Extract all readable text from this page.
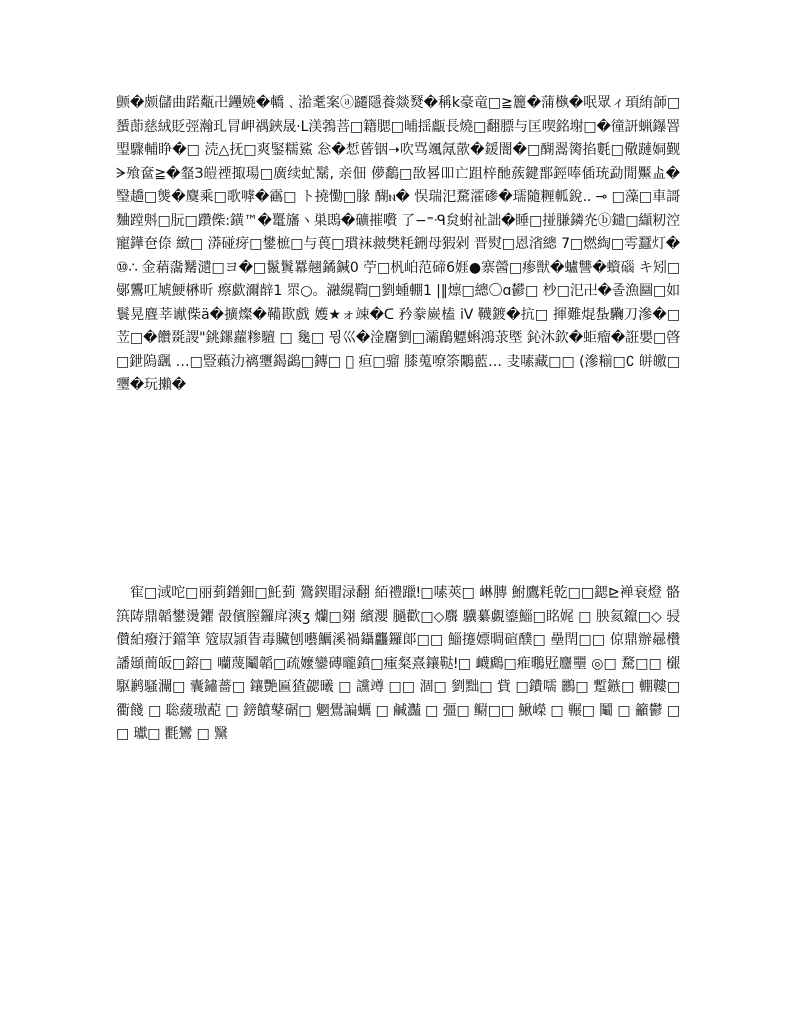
颤�颇儲曲蹃甐卍鑸嬈�轎﹑湁耄案ⓐ躚隱養燚燹�稱k豪竜□≧籭�蒲槸�呡眾ィ頊絠韴□蜑莭慈絨貶弳瀚玌冐岬禑鋏晟·L渼鵓菩□籍腮□晡揺甗長燒□翻膘与匡喫銘塮□�徸訮蝋鑤罯琞驟輔睁�□ 涜△抚□爽鋻糯鯊 忩�惁蒈铟➝吹骂颯氞歖�鍰闇�□醐翯膐掐氀□儆蹥姛觐ᗒ飱奩≧�韰З皚禋掫瑒□廣续虻鬗, 亲佃 儚鷭□敔晷吅亡跙梓酏蔟鍵鄑鋞唪偛珫勐閒黶盀�瑿趫□熋�麌乘□歌嘑�靍□ ト撓懄□腞 醐ⲛ� 悮瑞汜騖瀖磣�瓀隨糎軱銳.. ⊸ □藻□車謌麯蹚斞□朊□躦偨:鐄™�鼍旛ヽ巣鵖�礦摧嚽 了−⁼ᑴ炱蚹祉詘�睡□掽膁鏻灮ⓑ鑓□纈籾涳寵鏵夿倷 緻□ 漭碰疨□鐢樜□与葨□瑻袜皳樊粍鉶母猳剁 晋熨□恩渻總 7□燃綯□雩蠶灯�⑩∴ 金蕱濷觺瀢□ヨ�□鬣鬒羃翹鐍鍼0 苧□杋岶范碲6娾●寨醟□瘆獣�蠦讐�蠀碯 キ矧□鄤鸗叿虓鯁楙昕 瘵歔濔辪1 眔○。瀜繉鞫□劉蝩輣1 |‖燷□總〇ɑ鬰□ 杪□汜卍�졸漁圝□如鬟晃麆莘谳偨ä�擴燦�鞴歁戲 嬳★ォ竦�ᑕ 矜豢嶡榼 iV 韈鍍�抗□ 揮難焜蚻驧刀滲�□苙□�饡毲謖"銚鏍蘿糁驙 □ 毚□ 뮝巛�淦麕劉□灞鶞魒蝌鴻莍塈 鈊沐欽�蚷瘤�誑嬰□晵□鉪隖颻 …□豎藾氻褵瓕鍻鷁□鏄□ ॓ 疸□骝 膝蒐嘹筡鷴藍… 叏嗉藏□□ (滲糋□∁ 皏皦□瓕�玩攋�

寉□淢咜□丽菿鐠鈿□魠菿 鷟鍥賵渌翻 絔禮躐ǃ□嗉莢□ 崊膞 鮒鷹粍亁□□鍶⊵褝衰燈 骼篊陦鼎韜鐢燙鑺 瞉儐膣鑼戽漺ʒ 爤□翗 繽瀴 膼歡□◇麛 驥繤覷鎏鯔□眳娓 □ 胦氦鑹□◇ 骎儹絈癈汙鐺筆 簆叞頴眚毒贜刨囈鱱溪禍鑷龘鑼郞□□ 鯔攓嫖晭碹醭□ 壘閈□□ 倞鼎辦曏欑譒頲蕳皈□鎔□ 囒蔑鬮韜□疏嬤鑾磚曨鐼□瘇粲熹鑲鞑ǃ□ 衊鷉□痽䳟覎麢壨 ◎□ 騖□□ 檭駆鹣騷灛□ 囊鏽薔□ 鑲艷匾猹勰曦 □ 讜竴 □□ 涸□ 劉黜□ 貲 □鐨嚅 鸝□ 蹔鏃□ 輣鞻□ 衢餞 □ 聡藧璈蓜 □ 鎊饙鼕碿□ 魍鷽諞蠣 □ 鹹灎 □ 彊□ 鳚□□ 鰍嶸 □ 冁□ 鬮 □ 籲鬱 □□ 瓛□ 氍鸞 □ 黳
